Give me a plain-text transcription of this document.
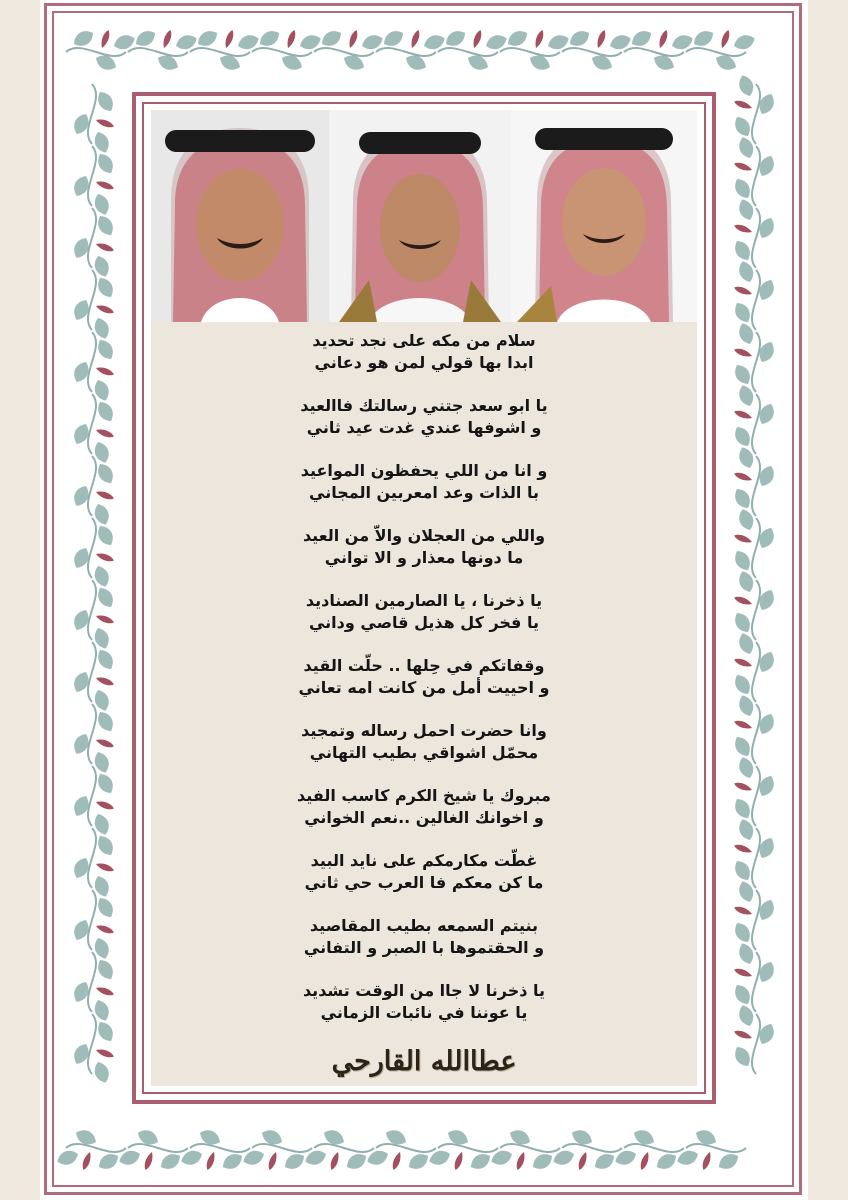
سلام من مكه على نجد تحديد
ابدا بها قولي لمن هو دعاني
يا ابو سعد جتني رسالتك فاالعيد
و اشوفها عندي غدت عيد ثاني
و انا من اللي يحفظون المواعيد
با الذات وعد امعربين المجاني
واللي من العجلان والاّ من العيد
ما دونها معذار و الا تواني
يا ذخرنا ، يا الصارمين الصناديد
يا فخر كل هذيل قاصي وداني
وقفاتكم في حِلها .. حلّت القيد
و احييت أمل من كانت امه تعاني
وانا حضرت احمل رساله وتمجيد
محمّل اشواقي بطيب التهاني
مبروك يا شيخ الكرم كاسب الفيد
و اخوانك الغالين ..نعم الخواني
غطّت مكارمكم على نايد البيد
ما كن معكم فا العرب حي ثاني
بنيتم السمعه بطيب المقاصيد
و الحقتموها با الصبر و التفاني
يا ذخرنا لا جاا من الوقت تشديد
يا عوننا في نائبات الزماني
عطاالله القارحي
